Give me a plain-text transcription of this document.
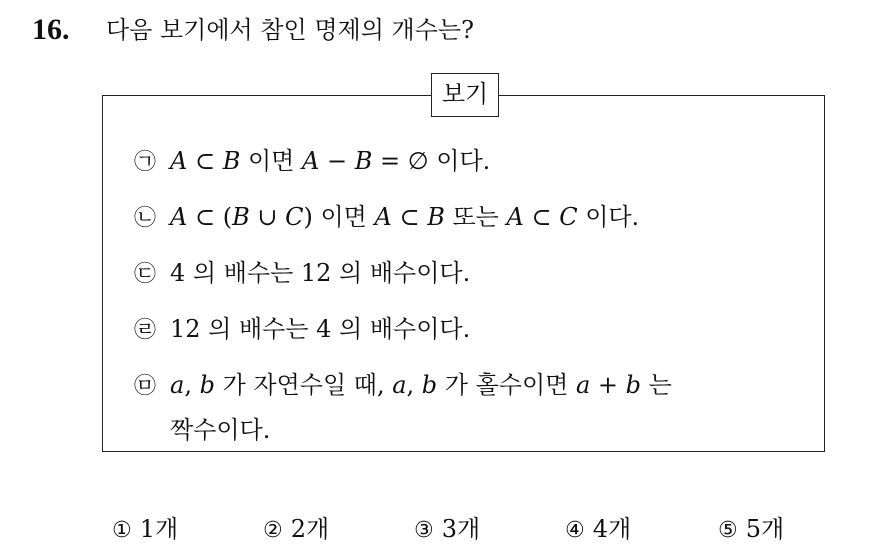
16. 다음 보기에서 참인 명제의 개수는?
보기
㉠ A ⊂ B 이면 A − B = ∅ 이다.
㉡ A ⊂ (B ∪ C) 이면 A ⊂ B 또는 A ⊂ C 이다.
㉢ 4 의 배수는 12 의 배수이다.
㉣ 12 의 배수는 4 의 배수이다.
㉤ a, b 가 자연수일 때, a, b 가 홀수이면 a + b 는
짝수이다.
① 1개	② 2개	③ 3개	④ 4개	⑤ 5개
